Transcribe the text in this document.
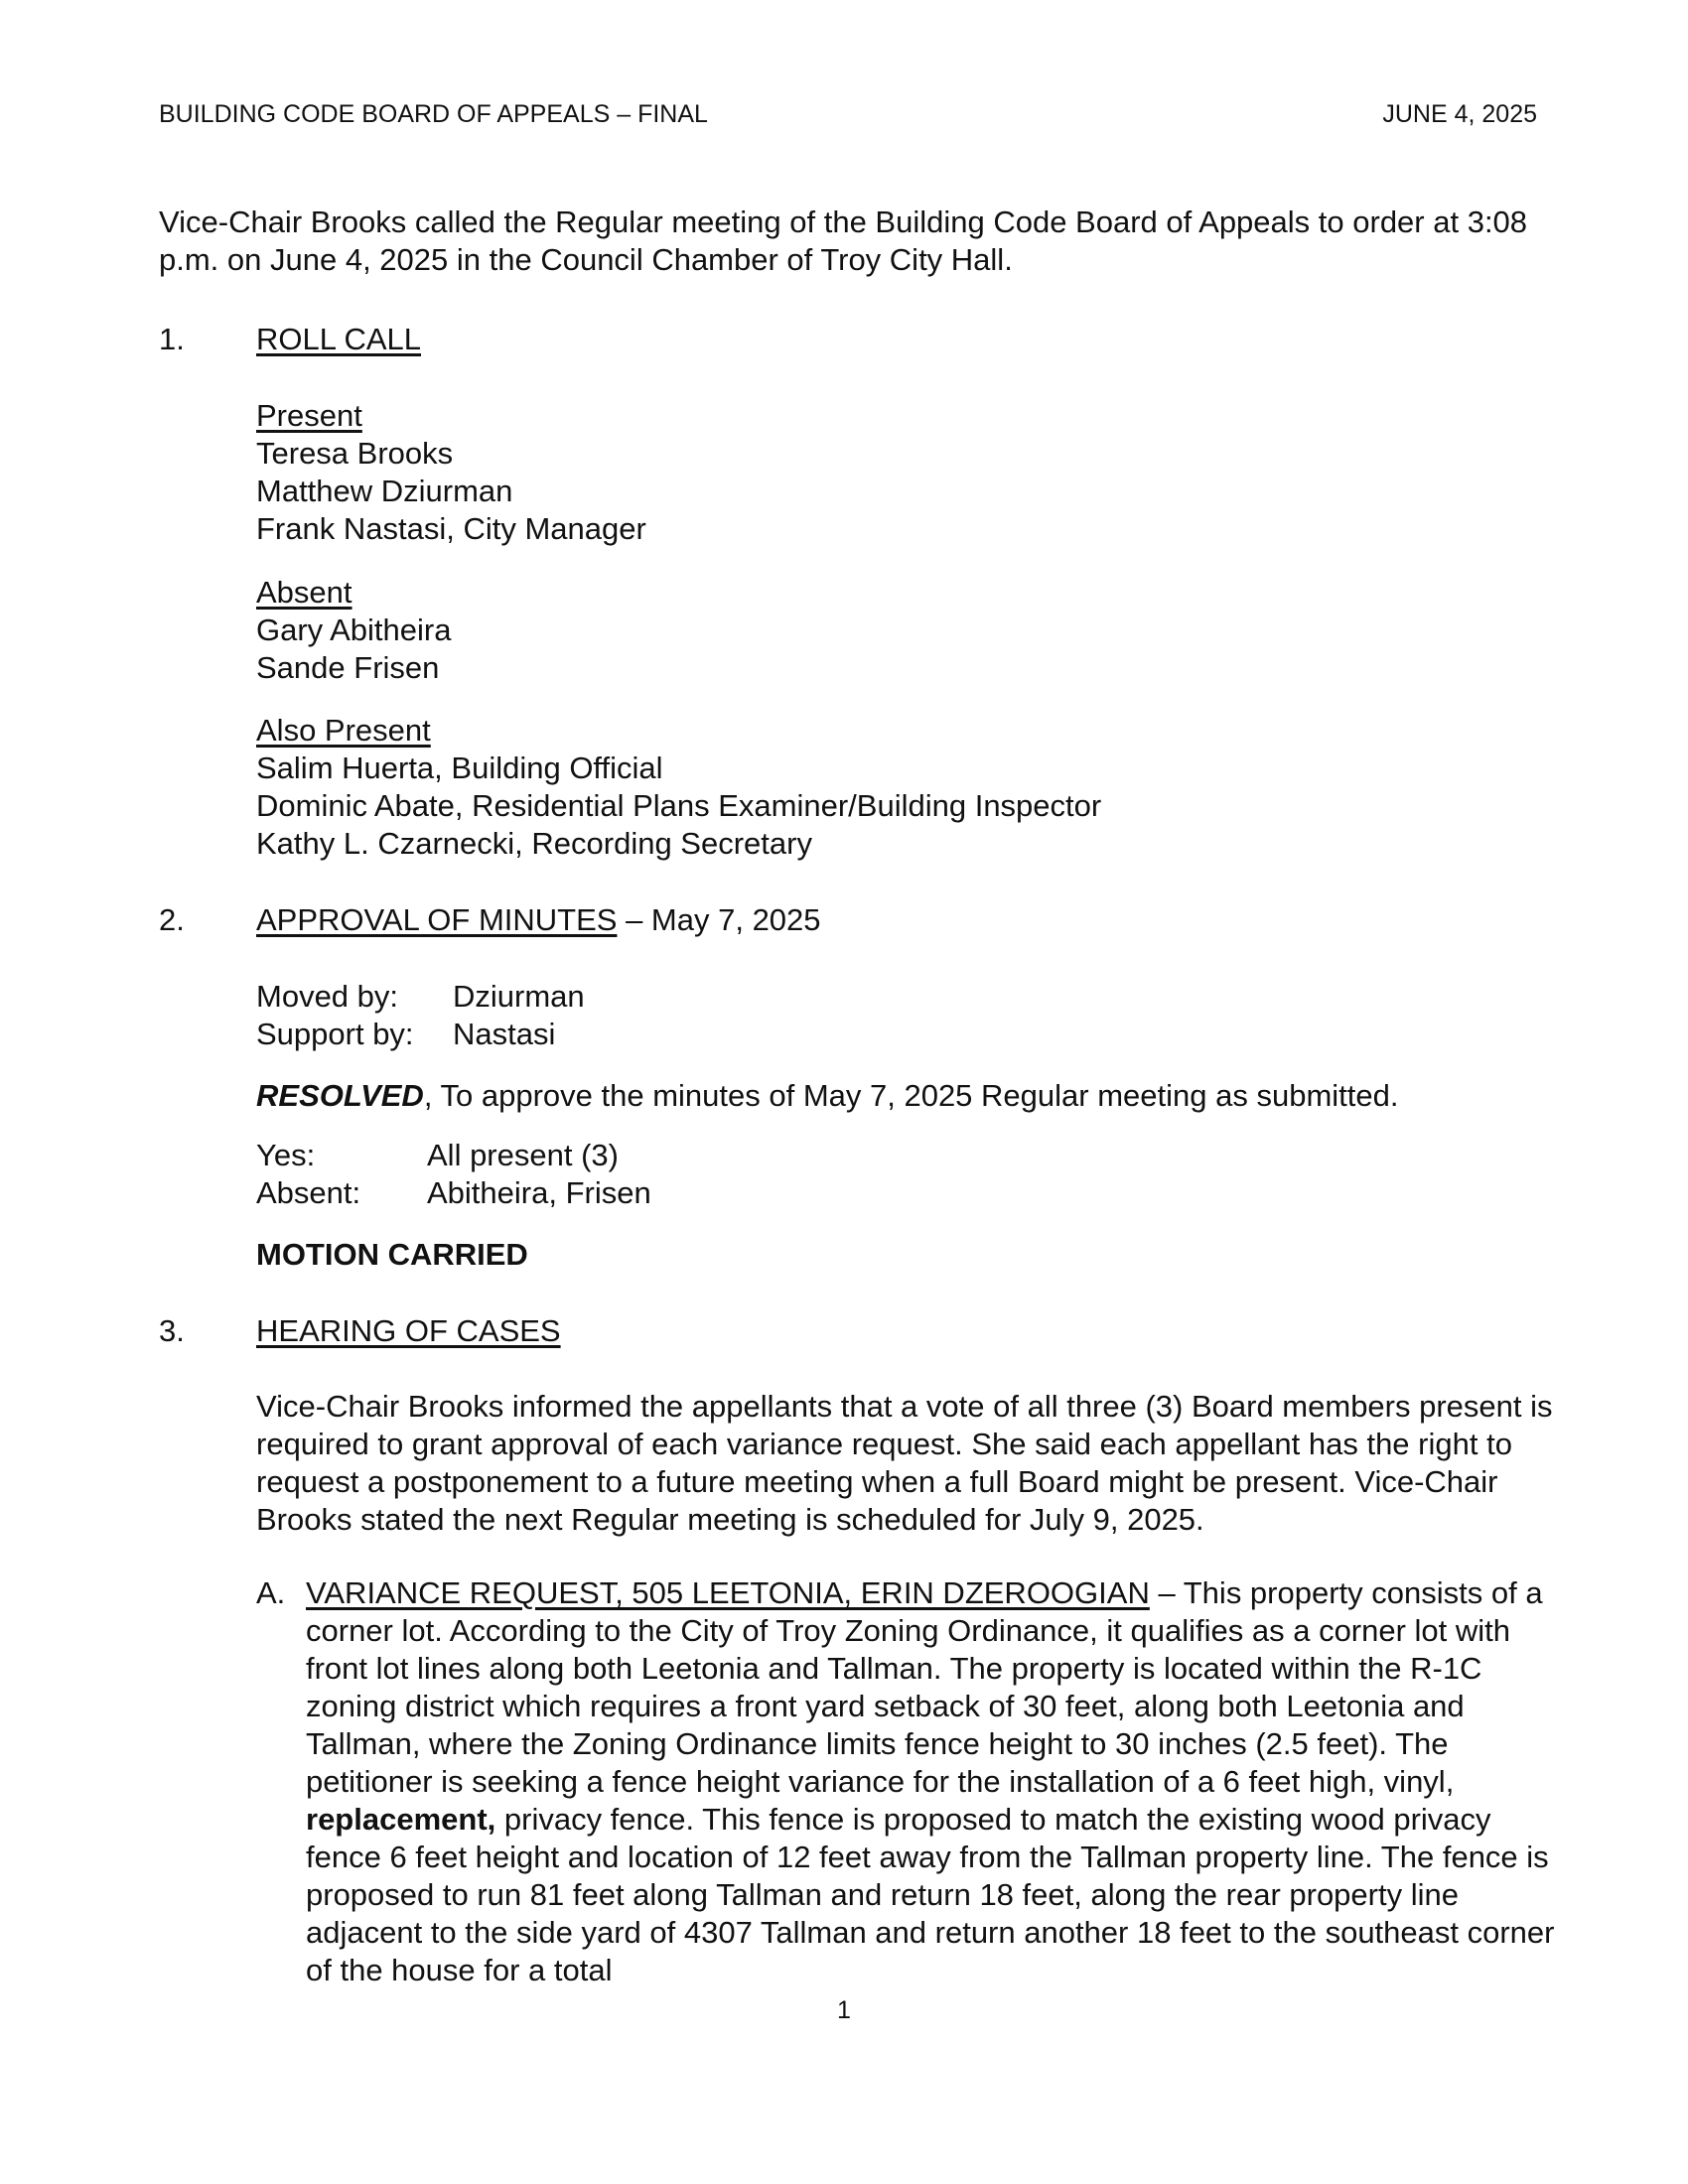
BUILDING CODE BOARD OF APPEALS – FINAL	JUNE 4, 2025
Vice-Chair Brooks called the Regular meeting of the Building Code Board of Appeals to order at 3:08 p.m. on June 4, 2025 in the Council Chamber of Troy City Hall.
1. ROLL CALL
Present
Teresa Brooks
Matthew Dziurman
Frank Nastasi, City Manager
Absent
Gary Abitheira
Sande Frisen
Also Present
Salim Huerta, Building Official
Dominic Abate, Residential Plans Examiner/Building Inspector
Kathy L. Czarnecki, Recording Secretary
2. APPROVAL OF MINUTES – May 7, 2025
Moved by:	Dziurman
Support by:	Nastasi
RESOLVED, To approve the minutes of May 7, 2025 Regular meeting as submitted.
Yes:	All present (3)
Absent:	Abitheira, Frisen
MOTION CARRIED
3. HEARING OF CASES
Vice-Chair Brooks informed the appellants that a vote of all three (3) Board members present is required to grant approval of each variance request. She said each appellant has the right to request a postponement to a future meeting when a full Board might be present. Vice-Chair Brooks stated the next Regular meeting is scheduled for July 9, 2025.
A. VARIANCE REQUEST, 505 LEETONIA, ERIN DZEROOGIAN – This property consists of a corner lot. According to the City of Troy Zoning Ordinance, it qualifies as a corner lot with front lot lines along both Leetonia and Tallman. The property is located within the R-1C zoning district which requires a front yard setback of 30 feet, along both Leetonia and Tallman, where the Zoning Ordinance limits fence height to 30 inches (2.5 feet). The petitioner is seeking a fence height variance for the installation of a 6 feet high, vinyl, replacement, privacy fence. This fence is proposed to match the existing wood privacy fence 6 feet height and location of 12 feet away from the Tallman property line. The fence is proposed to run 81 feet along Tallman and return 18 feet, along the rear property line adjacent to the side yard of 4307 Tallman and return another 18 feet to the southeast corner of the house for a total
1
